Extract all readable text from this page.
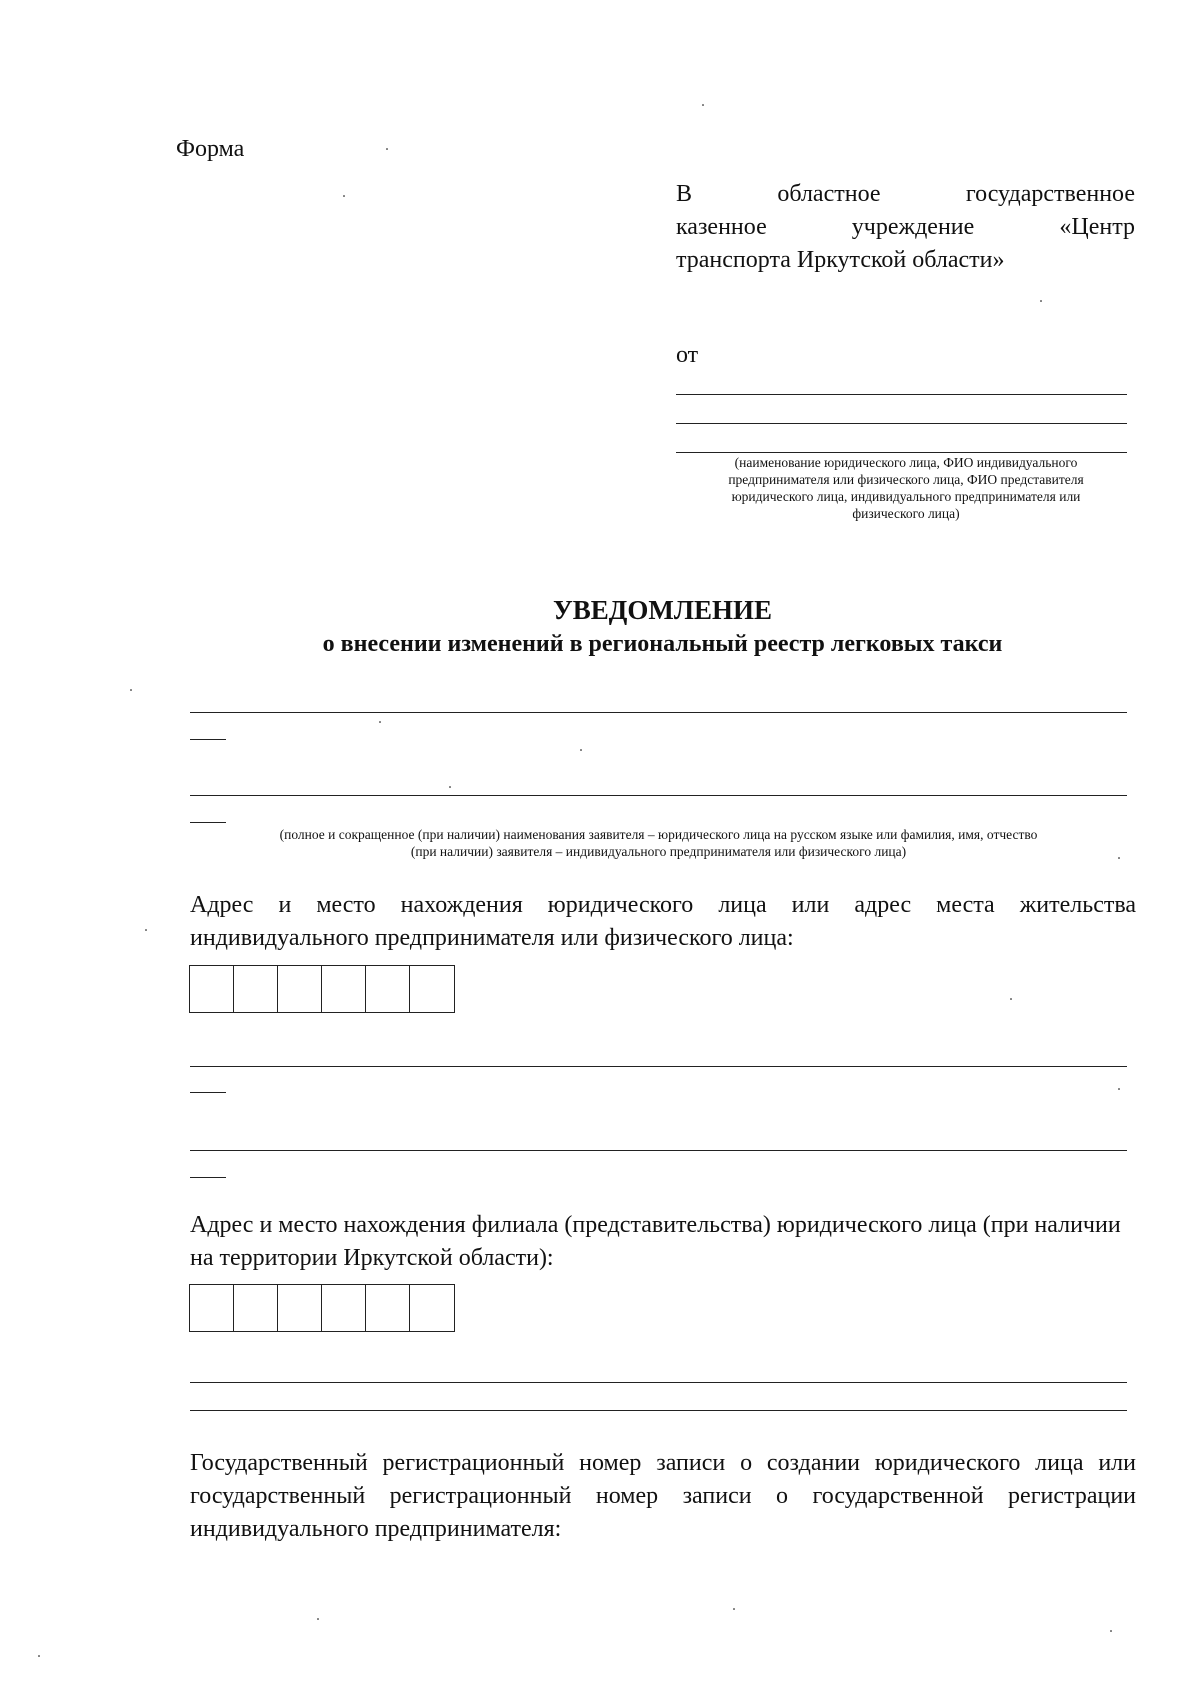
Форма
В областное государственное
казенное учреждение «Центр
транспорта Иркутской области»
от
(наименование юридического лица, ФИО индивидуального
предпринимателя или физического лица, ФИО представителя
юридического лица, индивидуального предпринимателя или
физического лица)
УВЕДОМЛЕНИЕ
о внесении изменений в региональный реестр легковых такси
(полное и сокращенное (при наличии) наименования заявителя – юридического лица на русском языке или фамилия, имя, отчество
(при наличии) заявителя – индивидуального предпринимателя или физического лица)
Адрес и место нахождения юридического лица или адрес места жительства
индивидуального предпринимателя или физического лица:
Адрес и место нахождения филиала (представительства) юридического лица (при наличии
на территории Иркутской области):
Государственный регистрационный номер записи о создании юридического лица или
государственный регистрационный номер записи о государственной регистрации
индивидуального предпринимателя:
